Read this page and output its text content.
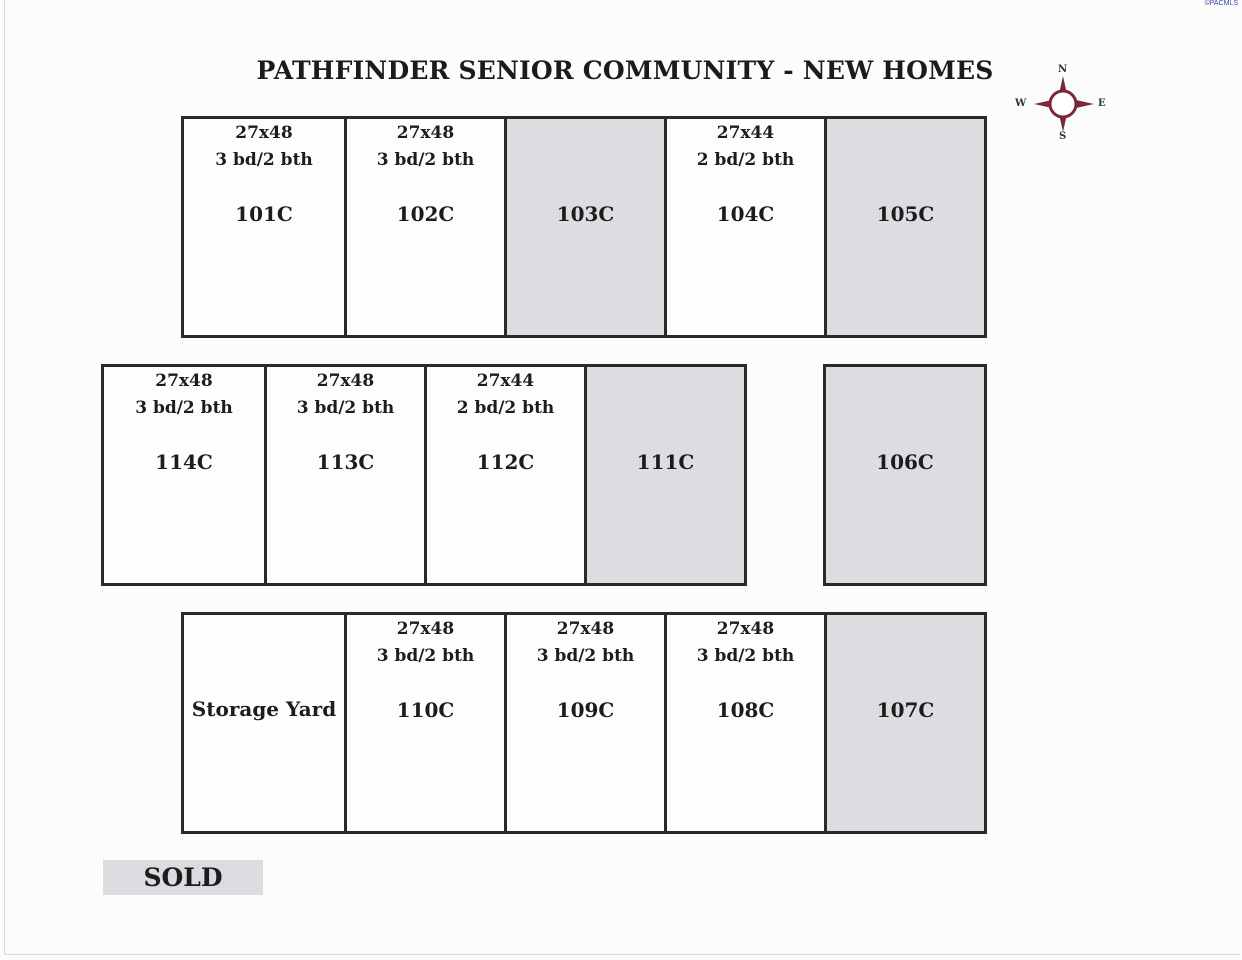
©PACMLS
PATHFINDER SENIOR COMMUNITY - NEW HOMES	N
S
E
W
27x48
3 bd/2 bth
101C
27x48
3 bd/2 bth
102C	103C
27x44
2 bd/2 bth
104C	105C
27x48
3 bd/2 bth
114C
27x48
3 bd/2 bth
113C
27x44
2 bd/2 bth
112C	111C	106C
Storage Yard
27x48
3 bd/2 bth
110C
27x48
3 bd/2 bth
109C
27x48
3 bd/2 bth
108C	107C
SOLD
